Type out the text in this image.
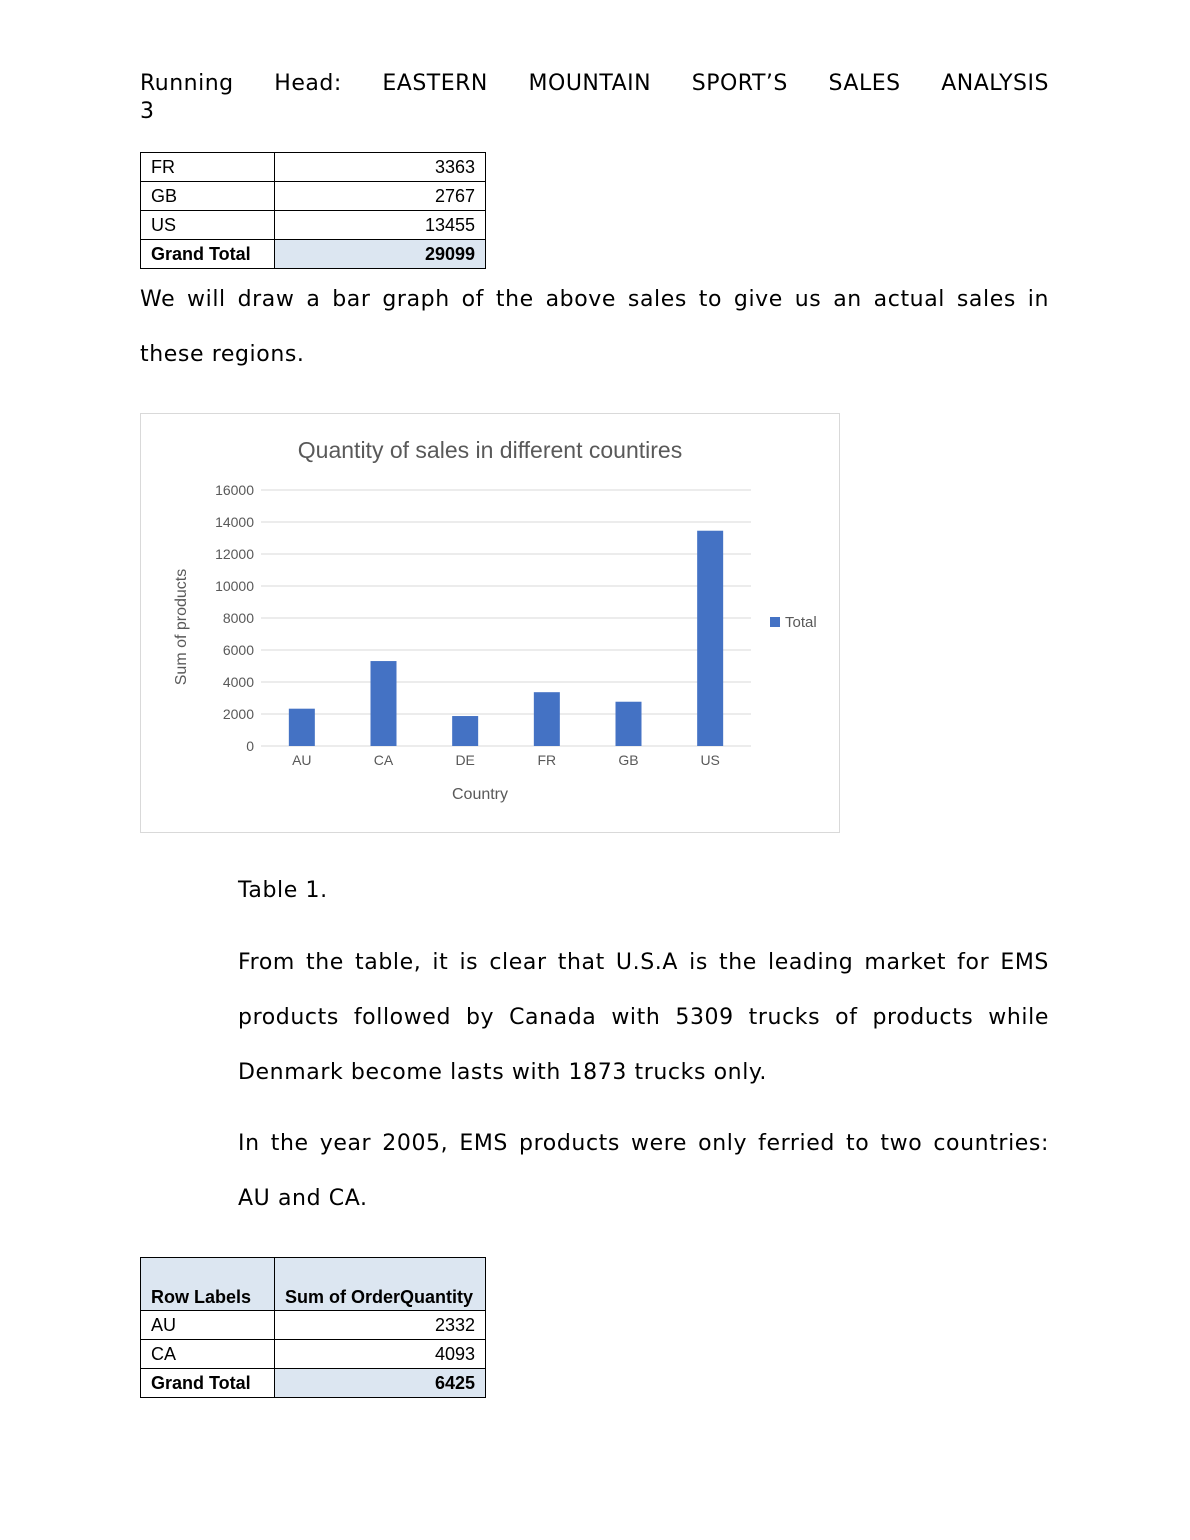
Running Head: EASTERN MOUNTAIN SPORT’S SALES ANALYSIS
3
FR	3363
GB	2767
US	13455
Grand Total	29099
We will draw a bar graph of the above sales to give us an actual sales in these regions.
Quantity of sales in different countires
Sum of products
Country
0
2000
4000
6000
8000
10000
12000
14000
16000
AU	CA	DE	FR	GB	US
Total
Table 1.
From the table, it is clear that U.S.A is the leading market for EMS products followed by Canada with 5309 trucks of products while Denmark become lasts with 1873 trucks only.
In the year 2005, EMS products were only ferried to two countries: AU and CA.
Row Labels	Sum of OrderQuantity
AU	2332
CA	4093
Grand Total	6425
